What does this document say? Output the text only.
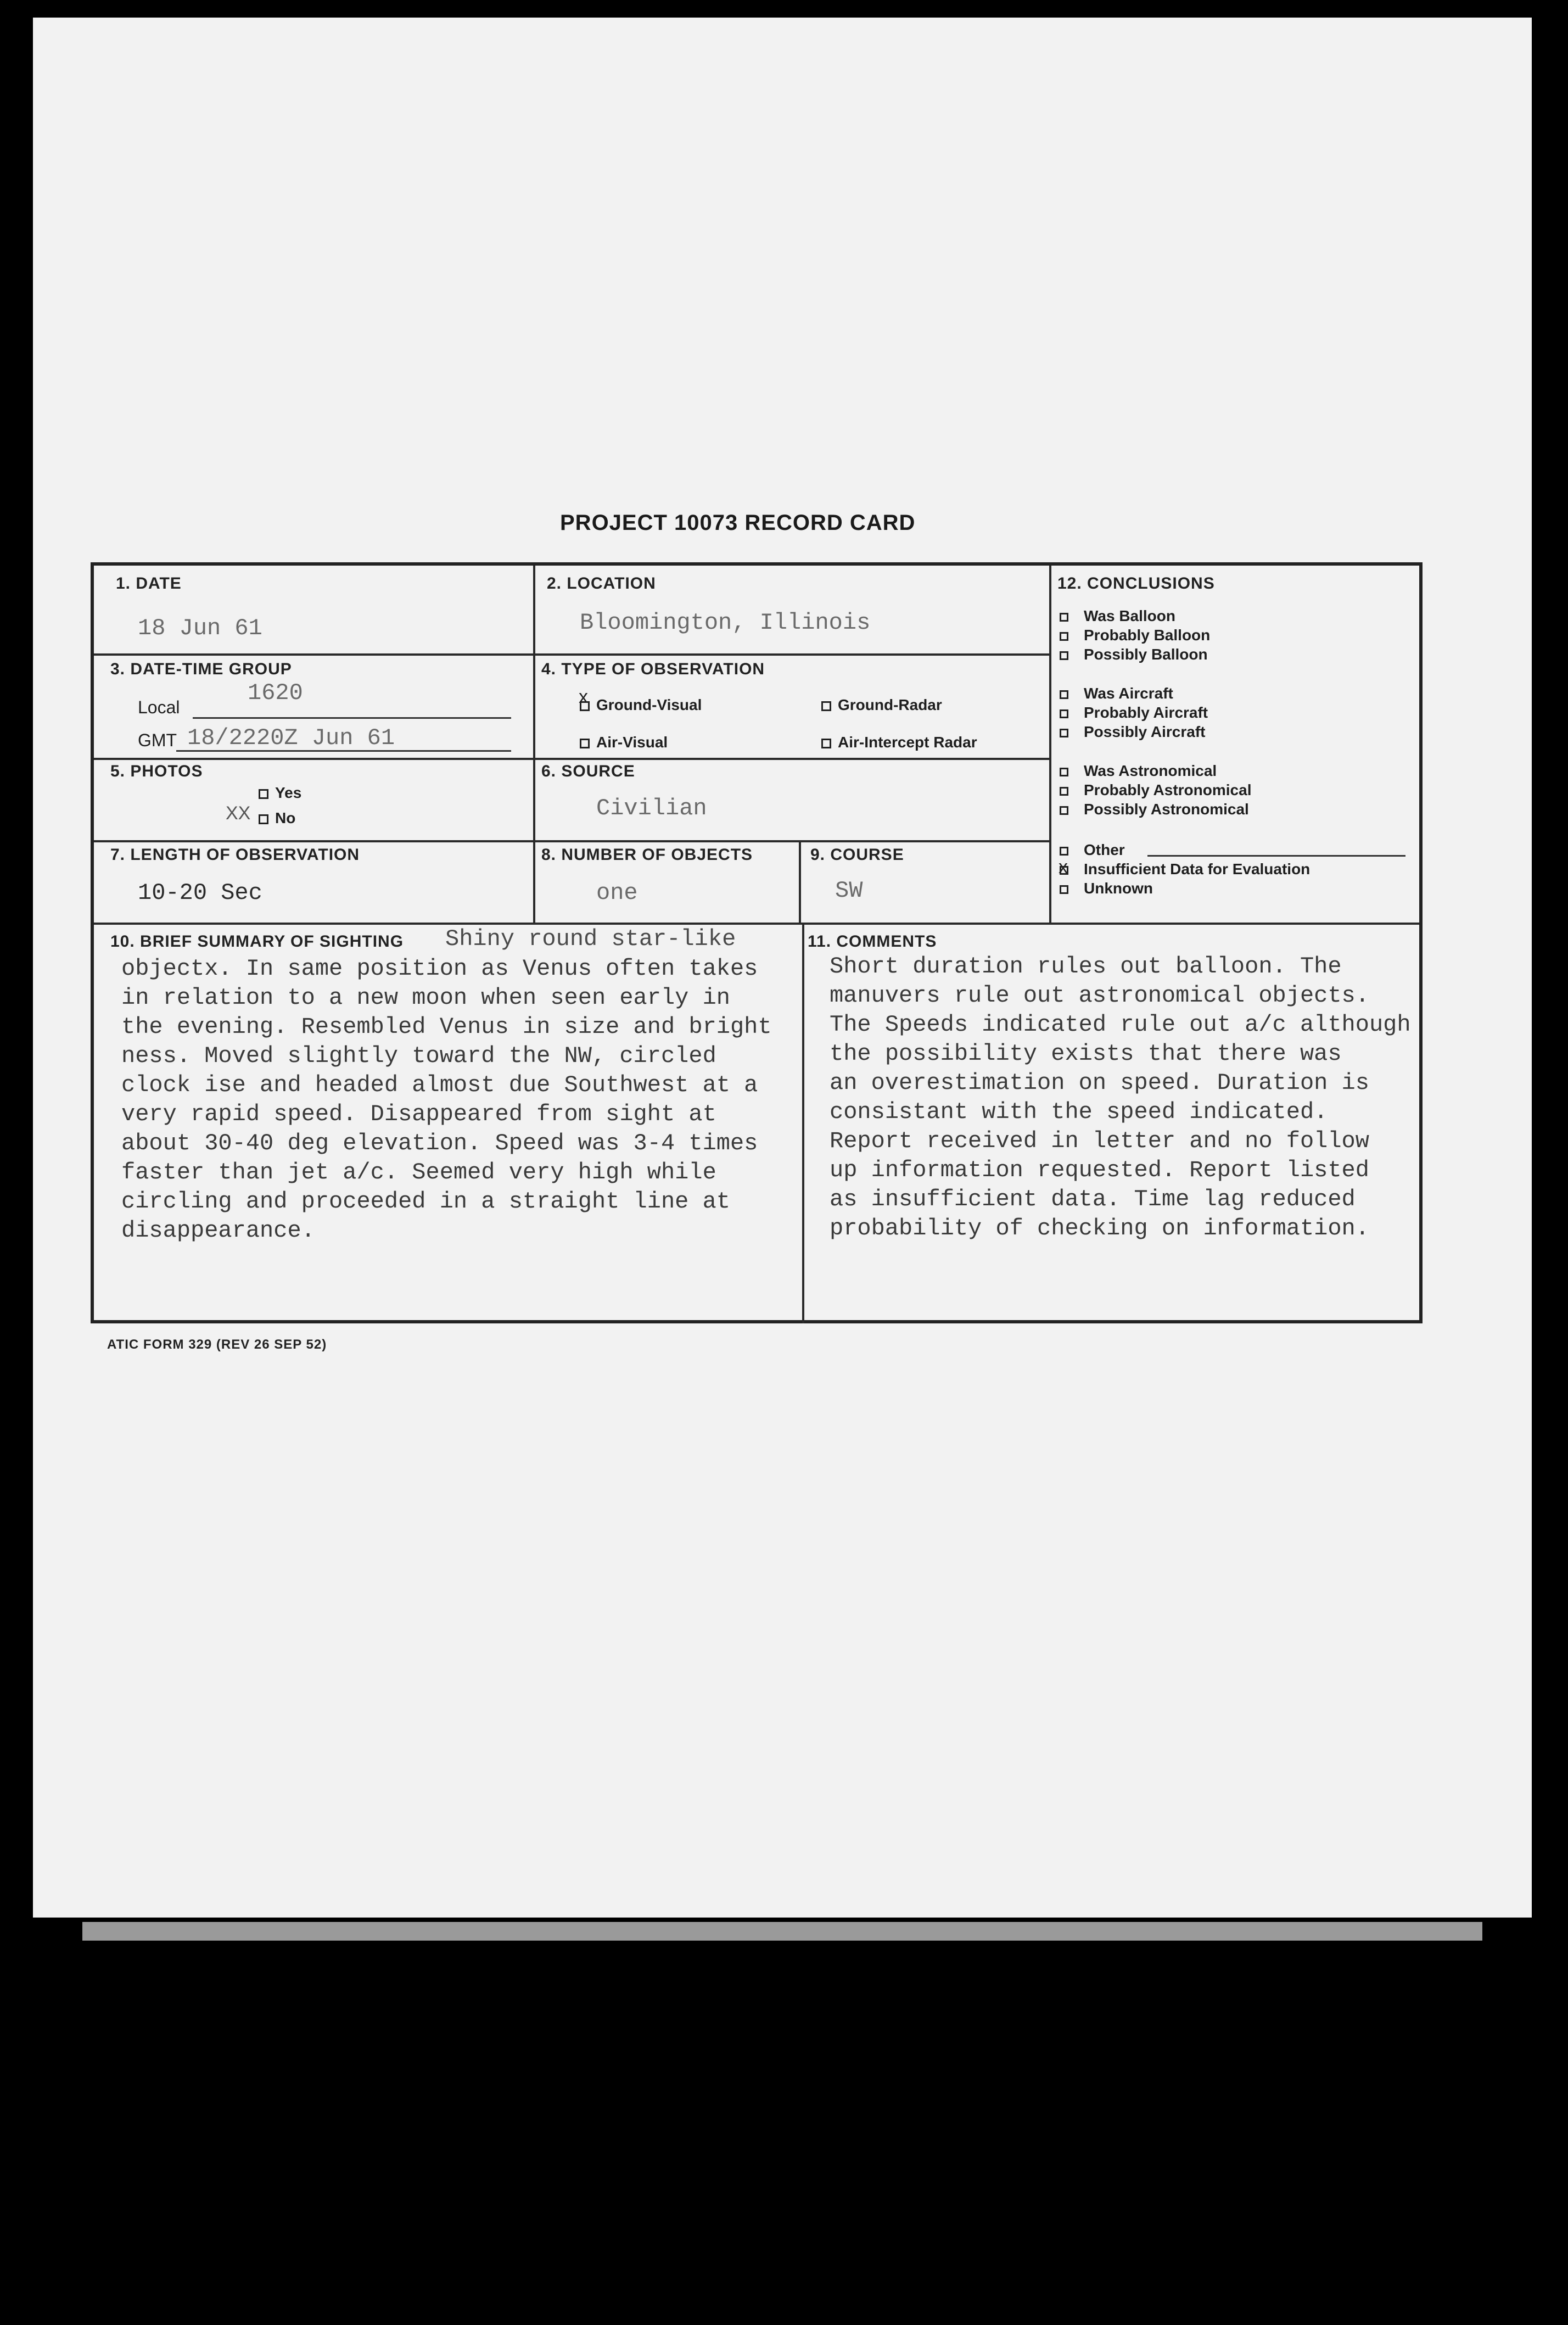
PROJECT 10073 RECORD CARD
1. DATE
18 Jun 61
2. LOCATION
Bloomington, Illinois
3. DATE-TIME GROUP
Local
1620
GMT 18/2220Z Jun 61
4. TYPE OF OBSERVATION
Ground-Visual
x	Ground-Radar
Air-Visual	Air-Intercept Radar
5. PHOTOS
Yes
No
XX
6. SOURCE
Civilian
7. LENGTH OF OBSERVATION
10-20 Sec
8. NUMBER OF OBJECTS
one
9. COURSE
SW
12. CONCLUSIONS
10. BRIEF SUMMARY OF SIGHTING Shiny round star-like
objectx. In same position as Venus often takes
in relation to a new moon when seen early in
the evening. Resembled Venus in size and bright
ness. Moved slightly toward the NW, circled
clock ise and headed almost due Southwest at a
very rapid speed. Disappeared from sight at
about 30-40 deg elevation. Speed was 3-4 times
faster than jet a/c. Seemed very high while
circling and proceeded in a straight line at
disappearance.
11. COMMENTS
Short duration rules out balloon. The
manuvers rule out astronomical objects.
The Speeds indicated rule out a/c although
the possibility exists that there was
an overestimation on speed. Duration is
consistant with the speed indicated.
Report received in letter and no follow
up information requested. Report listed
as insufficient data. Time lag reduced
probability of checking on information.
Was Balloon
Probably Balloon
Possibly Balloon
Was Aircraft
Probably Aircraft
Possibly Aircraft
Was Astronomical
Probably Astronomical
Possibly Astronomical
Other
Insufficient Data for Evaluation
Unknown
x
ATIC FORM 329 (REV 26 SEP 52)
